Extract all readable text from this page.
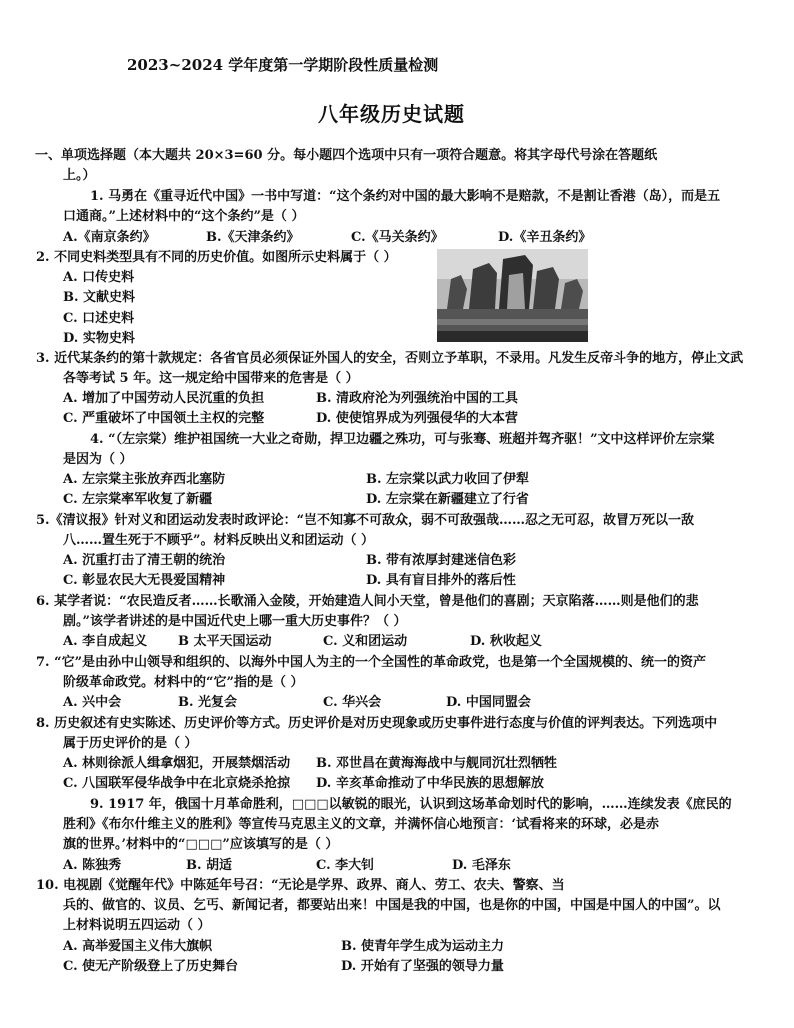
2023~2024 学年度第一学期阶段性质量检测
八年级历史试题
一、单项选择题（本大题共 20×3=60 分。每小题四个选项中只有一项符合题意。将其字母代号涂在答题纸
上。）
1. 马勇在《重寻近代中国》一书中写道：“这个条约对中国的最大影响不是赔款，不是割让香港（岛），而是五
口通商。”上述材料中的“这个条约”是（ ）
A.《南京条约》	B.《天津条约》	C.《马关条约》	D.《辛丑条约》
2. 不同史料类型具有不同的历史价值。如图所示史料属于（ ）
A. 口传史料
B. 文献史料
C. 口述史料
D. 实物史料
3. 近代某条约的第十款规定：各省官员必须保证外国人的安全，否则立予革职，不录用。凡发生反帝斗争的地方，停止文武
各等考试 5 年。这一规定给中国带来的危害是（ ）
A. 增加了中国劳动人民沉重的负担	B. 清政府沦为列强统治中国的工具
C. 严重破坏了中国领土主权的完整	D. 使使馆界成为列强侵华的大本营
4. “（左宗棠）维护祖国统一大业之奇勋，捍卫边疆之殊功，可与张骞、班超并驾齐驱！”文中这样评价左宗棠
是因为（ ）
A. 左宗棠主张放弃西北塞防	B. 左宗棠以武力收回了伊犁
C. 左宗棠率军收复了新疆	D. 左宗棠在新疆建立了行省
5.《清议报》针对义和团运动发表时政评论：“岂不知寡不可敌众，弱不可敌强哉……忍之无可忍，故冒万死以一敌
八……置生死于不顾乎”。材料反映出义和团运动（ ）
A. 沉重打击了清王朝的统治	B. 带有浓厚封建迷信色彩
C. 彰显农民大无畏爱国精神	D. 具有盲目排外的落后性
6. 某学者说：“农民造反者……长歌涌入金陵，开始建造人间小天堂，曾是他们的喜剧；天京陷落……则是他们的悲
剧。”该学者讲述的是中国近代史上哪一重大历史事件？（ ）
A. 李自成起义 B 太平天国运动	C. 义和团运动	D. 秋收起义
7. “它”是由孙中山领导和组织的、以海外中国人为主的一个全国性的革命政党，也是第一个全国规模的、统一的资产
阶级革命政党。材料中的“它”指的是（ ）
A. 兴中会	B. 光复会	C. 华兴会	D. 中国同盟会
8. 历史叙述有史实陈述、历史评价等方式。历史评价是对历史现象或历史事件进行态度与价值的评判表达。下列选项中
属于历史评价的是（ ）
A. 林则徐派人缉拿烟犯，开展禁烟活动 B. 邓世昌在黄海海战中与舰同沉壮烈牺牲
C. 八国联军侵华战争中在北京烧杀抢掠 D. 辛亥革命推动了中华民族的思想解放
9. 1917 年，俄国十月革命胜利，□□□以敏锐的眼光，认识到这场革命划时代的影响，……连续发表《庶民的
胜利》《布尔什维主义的胜利》等宣传马克思主义的文章，并满怀信心地预言：‘试看将来的环球，必是赤
旗的世界。’材料中的“□□□”应该填写的是（ ）
A. 陈独秀	B. 胡适	C. 李大钊	D. 毛泽东
10. 电视剧《觉醒年代》中陈延年号召：“无论是学界、政界、商人、劳工、农夫、警察、当
兵的、做官的、议员、乞丐、新闻记者，都要站出来！中国是我的中国，也是你的中国，中国是中国人的中国”。以
上材料说明五四运动（ ）
A. 高举爱国主义伟大旗帜	B. 使青年学生成为运动主力
C. 使无产阶级登上了历史舞台	D. 开始有了坚强的领导力量
